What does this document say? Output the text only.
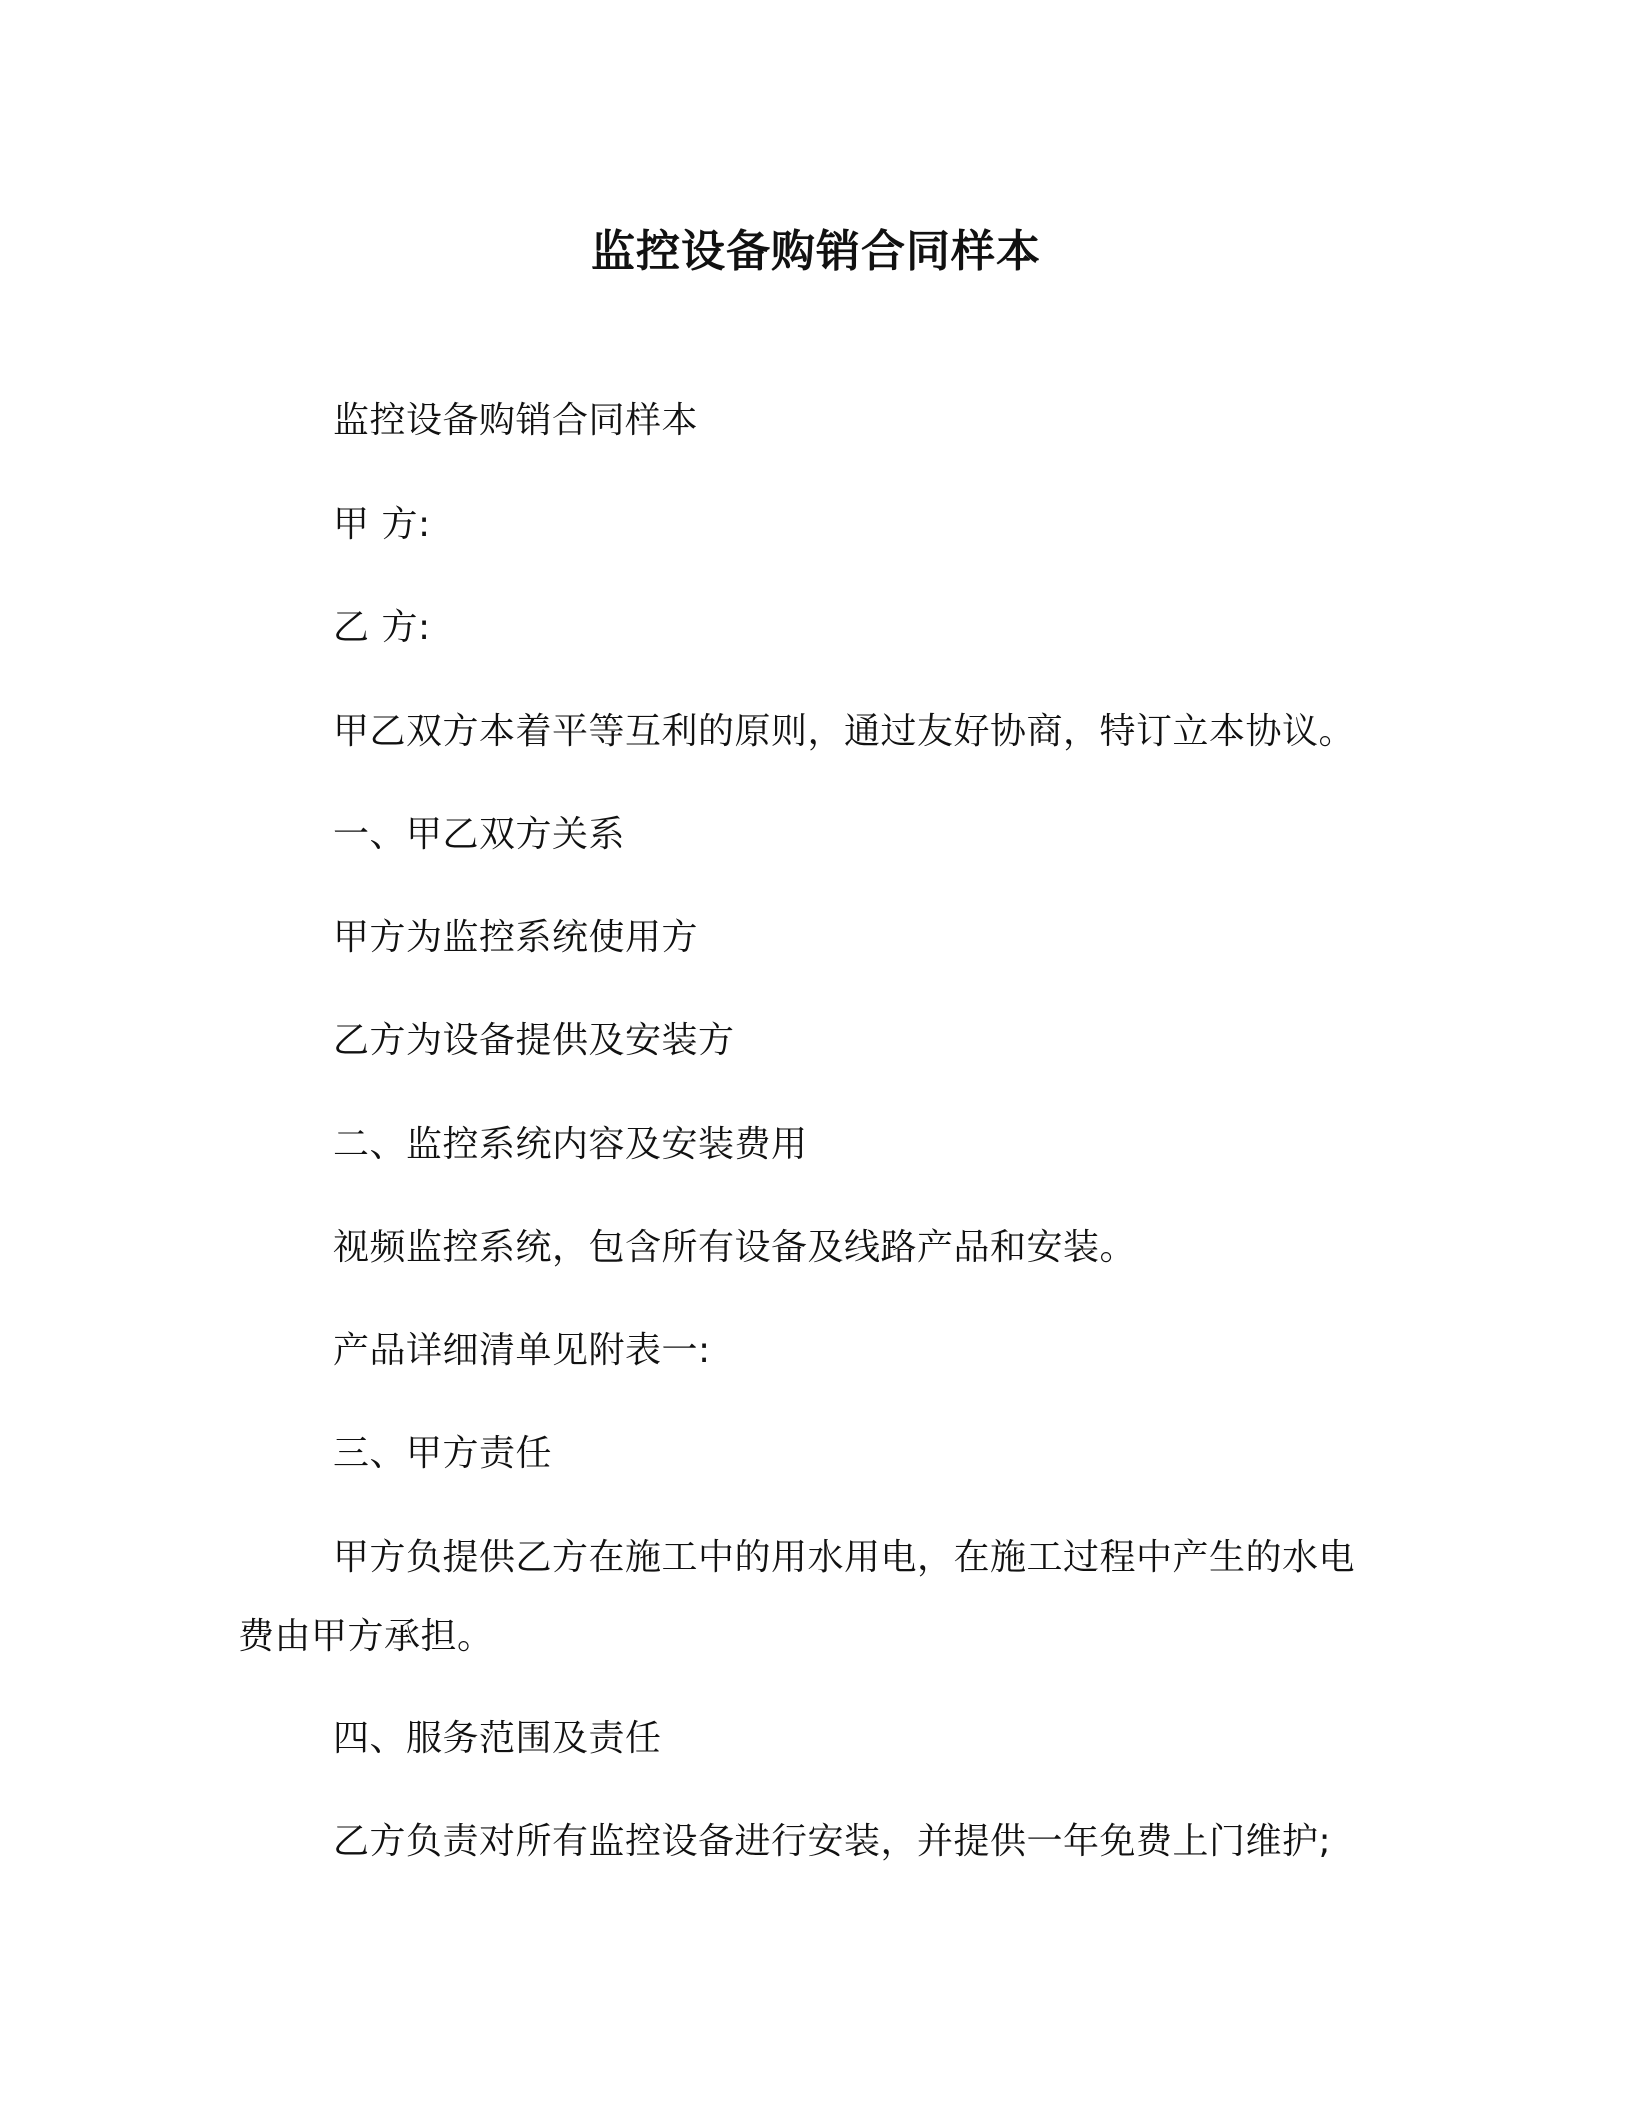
监控设备购销合同样本
监控设备购销合同样本
甲 方:
乙 方:
甲乙双方本着平等互利的原则，通过友好协商，特订立本协议。
一、甲乙双方关系
甲方为监控系统使用方
乙方为设备提供及安装方
二、监控系统内容及安装费用
视频监控系统，包含所有设备及线路产品和安装。
产品详细清单见附表一:
三、甲方责任
甲方负提供乙方在施工中的用水用电，在施工过程中产生的水电费由甲方承担。
四、服务范围及责任
乙方负责对所有监控设备进行安装，并提供一年免费上门维护;
